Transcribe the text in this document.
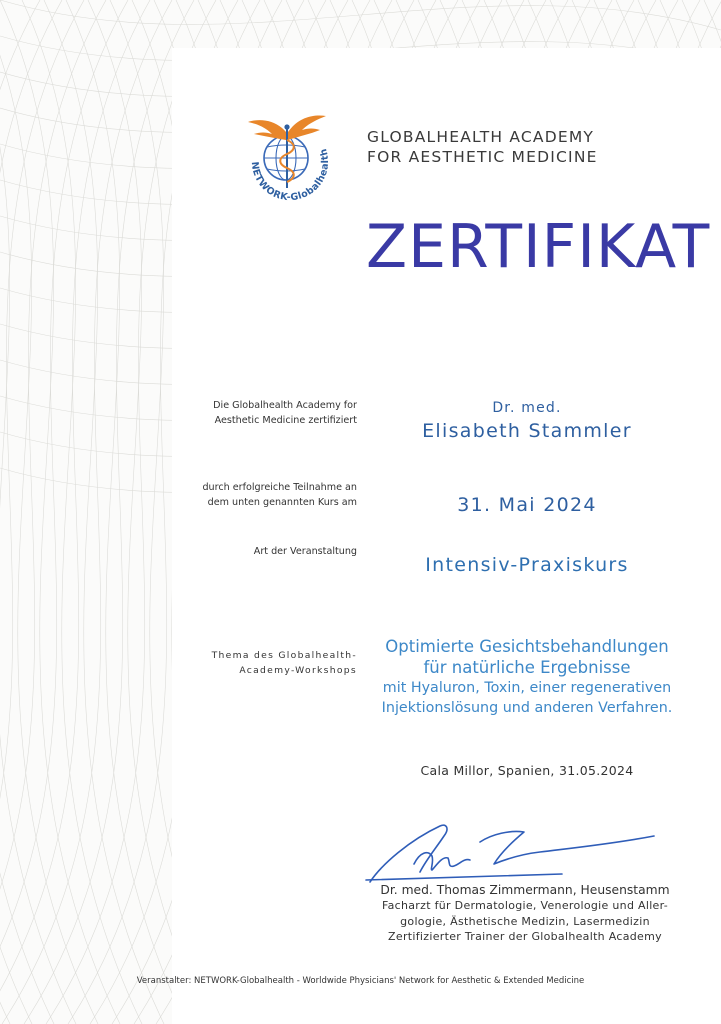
NETWORK-Globalhealth
GLOBALHEALTH ACADEMY
FOR AESTHETIC MEDICINE
ZERTIFIKAT
Die Globalhealth Academy for
Aesthetic Medicine zertifiziert
Dr. med.
Elisabeth Stammler
durch erfolgreiche Teilnahme an
dem unten genannten Kurs am	31. Mai 2024
Art der Veranstaltung
Intensiv-Praxiskurs
Thema des Globalhealth-
Academy-Workshops
Optimierte Gesichtsbehandlungen
für natürliche Ergebnisse
mit Hyaluron, Toxin, einer regenerativen
Injektionslösung und anderen Verfahren.
Cala Millor, Spanien, 31.05.2024
Dr. med. Thomas Zimmermann, Heusenstamm
Facharzt für Dermatologie, Venerologie und Aller-
gologie, Ästhetische Medizin, Lasermedizin
Zertifizierter Trainer der Globalhealth Academy
Veranstalter: NETWORK-Globalhealth - Worldwide Physicians' Network for Aesthetic & Extended Medicine
